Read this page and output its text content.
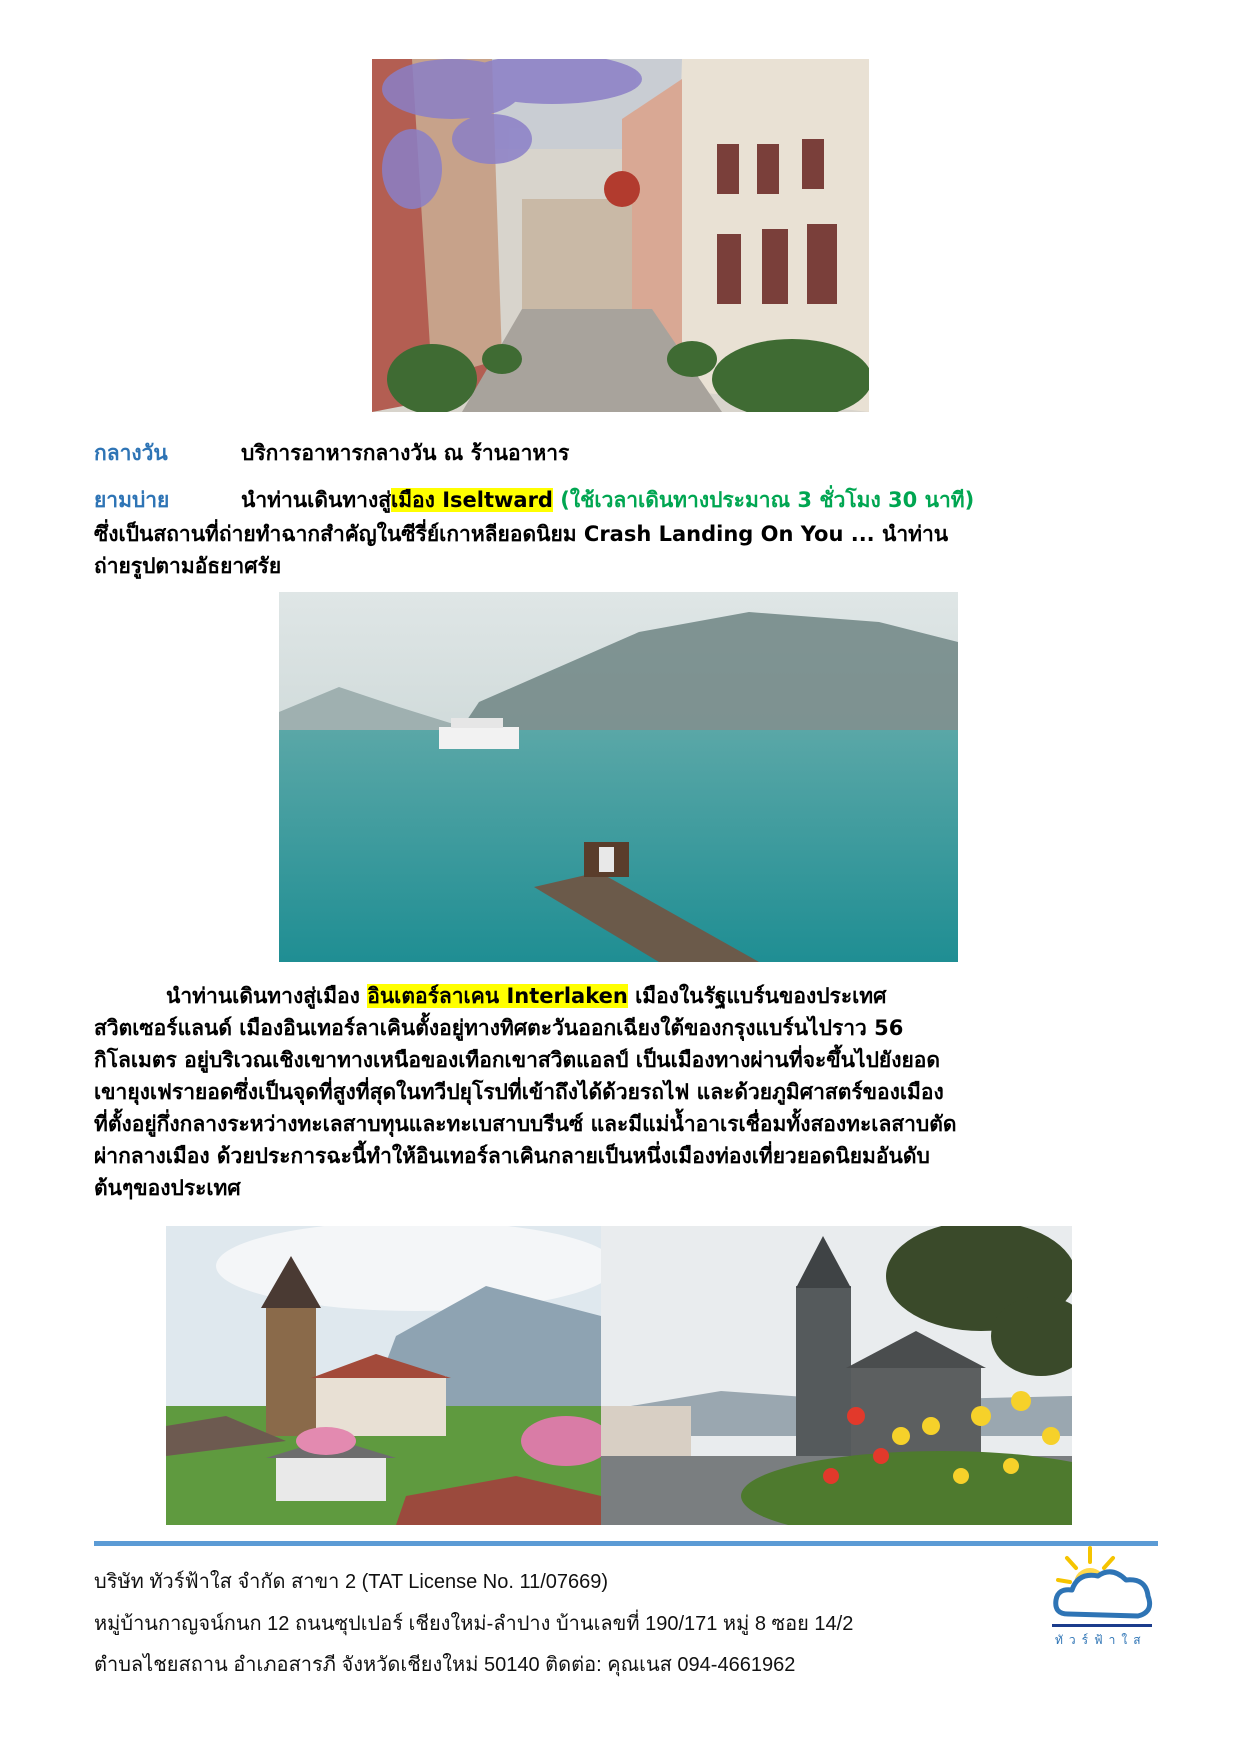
กลางวัน	บริการอาหารกลางวัน ณ ร้านอาหาร
ยามบ่าย	นำท่านเดินทางสู่เมือง Iseltward (ใช้เวลาเดินทางประมาณ 3 ชั่วโมง 30 นาที)
ซึ่งเป็นสถานที่ถ่ายทำฉากสำคัญในซีรี่ย์เกาหลียอดนิยม Crash Landing On You ... นำท่าน
ถ่ายรูปตามอัธยาศรัย
นำท่านเดินทางสู่เมือง อินเตอร์ลาเคน Interlaken เมืองในรัฐแบร์นของประเทศ
สวิตเซอร์แลนด์ เมืองอินเทอร์ลาเคินตั้งอยู่ทางทิศตะวันออกเฉียงใต้ของกรุงแบร์นไปราว 56
กิโลเมตร อยู่บริเวณเชิงเขาทางเหนือของเทือกเขาสวิตแอลป์ เป็นเมืองทางผ่านที่จะขึ้นไปยังยอด
เขายุงเฟรายอดซึ่งเป็นจุดที่สูงที่สุดในทวีปยุโรปที่เข้าถึงได้ด้วยรถไฟ และด้วยภูมิศาสตร์ของเมือง
ที่ตั้งอยู่กึ่งกลางระหว่างทะเลสาบทุนและทะเบสาบบรีนซ์ และมีแม่น้ำอาเรเชื่อมทั้งสองทะเลสาบตัด
ผ่ากลางเมือง ด้วยประการฉะนี้ทำให้อินเทอร์ลาเคินกลายเป็นหนึ่งเมืองท่องเที่ยวยอดนิยมอันดับ
ต้นๆของประเทศ
บริษัท ทัวร์ฟ้าใส จำกัด สาขา 2 (TAT License No. 11/07669)
หมู่บ้านกาญจน์กนก 12 ถนนซุปเปอร์ เชียงใหม่-ลำปาง บ้านเลขที่ 190/171 หมู่ 8 ซอย 14/2
ตำบลไชยสถาน อำเภอสารภี จังหวัดเชียงใหม่ 50140 ติดต่อ: คุณเนส 094-4661962
ทัวร์ฟ้าใส
